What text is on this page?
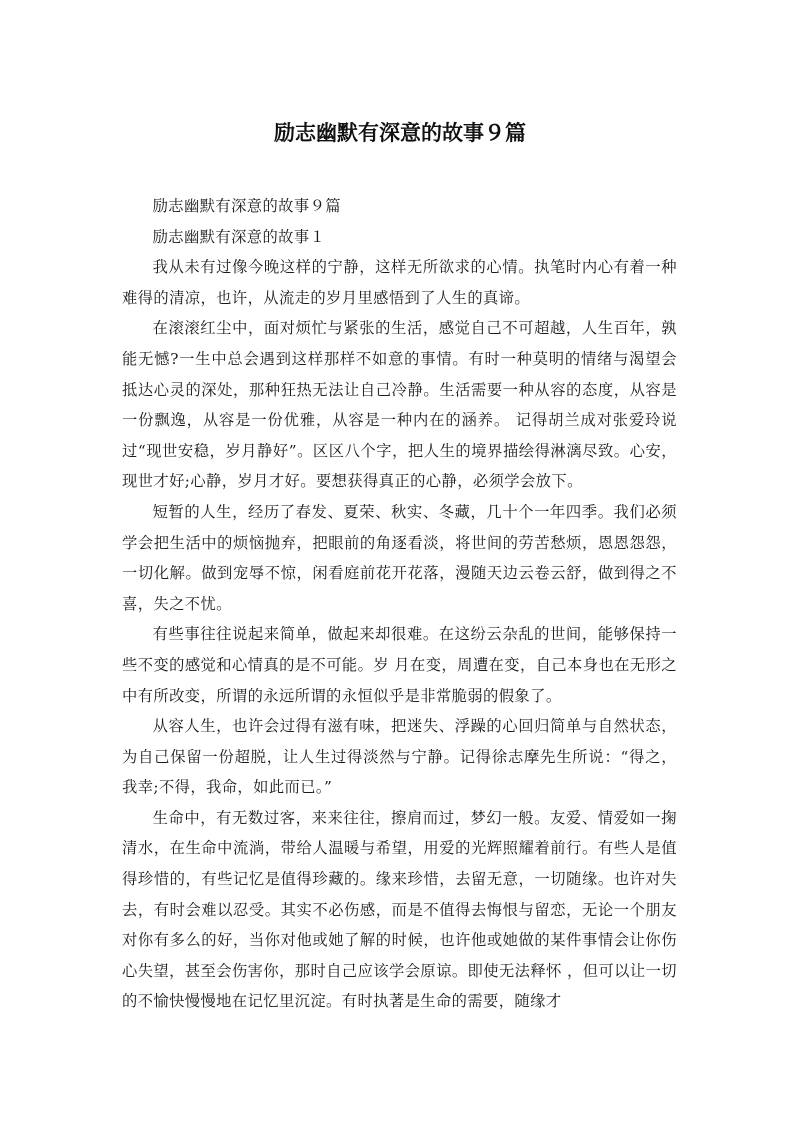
励志幽默有深意的故事９篇

励志幽默有深意的故事９篇

励志幽默有深意的故事１

我从未有过像今晚这样的宁静，这样无所欲求的心情。执笔时内心有着一种难得的清凉，也许，从流走的岁月里感悟到了人生的真谛。

在滚滚红尘中，面对烦忙与紧张的生活，感觉自己不可超越，人生百年，孰能无憾?一生中总会遇到这样那样不如意的事情。有时一种莫明的情绪与渴望会抵达心灵的深处，那种狂热无法让自己冷静。生活需要一种从容的态度，从容是一份飘逸，从容是一份优雅，从容是一种内在的涵养。 记得胡兰成对张爱玲说过“现世安稳，岁月静好”。区区八个字，把人生的境界描绘得淋漓尽致。心安，现世才好;心静，岁月才好。要想获得真正的心静，必须学会放下。

短暂的人生，经历了春发、夏荣、秋实、冬藏，几十个一年四季。我们必须学会把生活中的烦恼抛弃，把眼前的角逐看淡，将世间的劳苦愁烦，恩恩怨怨，一切化解。做到宠辱不惊，闲看庭前花开花落，漫随天边云卷云舒，做到得之不喜，失之不忧。

有些事往往说起来简单，做起来却很难。在这纷云杂乱的世间，能够保持一些不变的感觉和心情真的是不可能。岁 月在变，周遭在变，自己本身也在无形之中有所改变，所谓的永远所谓的永恒似乎是非常脆弱的假象了。

从容人生，也许会过得有滋有味，把迷失、浮躁的心回归简单与自然状态，为自己保留一份超脱，让人生过得淡然与宁静。记得徐志摩先生所说：“得之，我幸;不得，我命，如此而已。”

生命中，有无数过客，来来往往，擦肩而过，梦幻一般。友爱、情爱如一掬清水，在生命中流淌，带给人温暖与希望，用爱的光辉照耀着前行。有些人是值得珍惜的，有些记忆是值得珍藏的。缘来珍惜，去留无意，一切随缘。也许对失去，有时会难以忍受。其实不必伤感，而是不值得去悔恨与留恋，无论一个朋友对你有多么的好，当你对他或她了解的时候，也许他或她做的某件事情会让你伤心失望，甚至会伤害你，那时自己应该学会原谅。即使无法释怀 ，但可以让一切的不愉快慢慢地在记忆里沉淀。有时执著是生命的需要，随缘才
